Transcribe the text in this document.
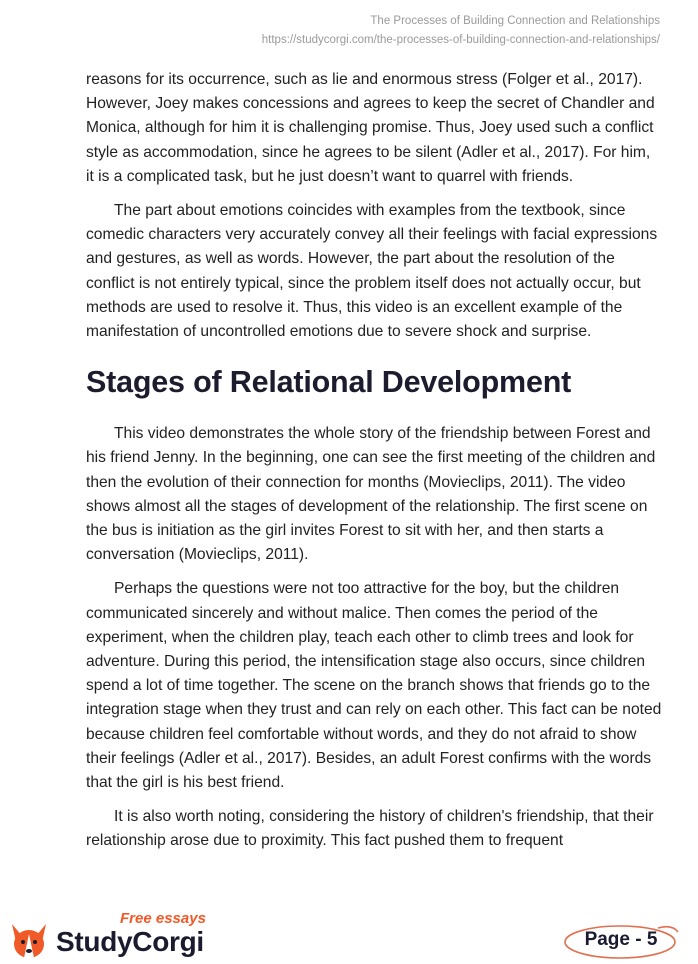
The Processes of Building Connection and Relationships
https://studycorgi.com/the-processes-of-building-connection-and-relationships/

reasons for its occurrence, such as lie and enormous stress (Folger et al., 2017). However, Joey makes concessions and agrees to keep the secret of Chandler and Monica, although for him it is challenging promise. Thus, Joey used such a conflict style as accommodation, since he agrees to be silent (Adler et al., 2017). For him, it is a complicated task, but he just doesn’t want to quarrel with friends.

The part about emotions coincides with examples from the textbook, since comedic characters very accurately convey all their feelings with facial expressions and gestures, as well as words. However, the part about the resolution of the conflict is not entirely typical, since the problem itself does not actually occur, but methods are used to resolve it. Thus, this video is an excellent example of the manifestation of uncontrolled emotions due to severe shock and surprise.

Stages of Relational Development

This video demonstrates the whole story of the friendship between Forest and his friend Jenny. In the beginning, one can see the first meeting of the children and then the evolution of their connection for months (Movieclips, 2011). The video shows almost all the stages of development of the relationship. The first scene on the bus is initiation as the girl invites Forest to sit with her, and then starts a conversation (Movieclips, 2011).

Perhaps the questions were not too attractive for the boy, but the children communicated sincerely and without malice. Then comes the period of the experiment, when the children play, teach each other to climb trees and look for adventure. During this period, the intensification stage also occurs, since children spend a lot of time together. The scene on the branch shows that friends go to the integration stage when they trust and can rely on each other. This fact can be noted because children feel comfortable without words, and they do not afraid to show their feelings (Adler et al., 2017). Besides, an adult Forest confirms with the words that the girl is his best friend.

It is also worth noting, considering the history of children's friendship, that their relationship arose due to proximity. This fact pushed them to frequent

Free essays
StudyCorgi	Page - 5
